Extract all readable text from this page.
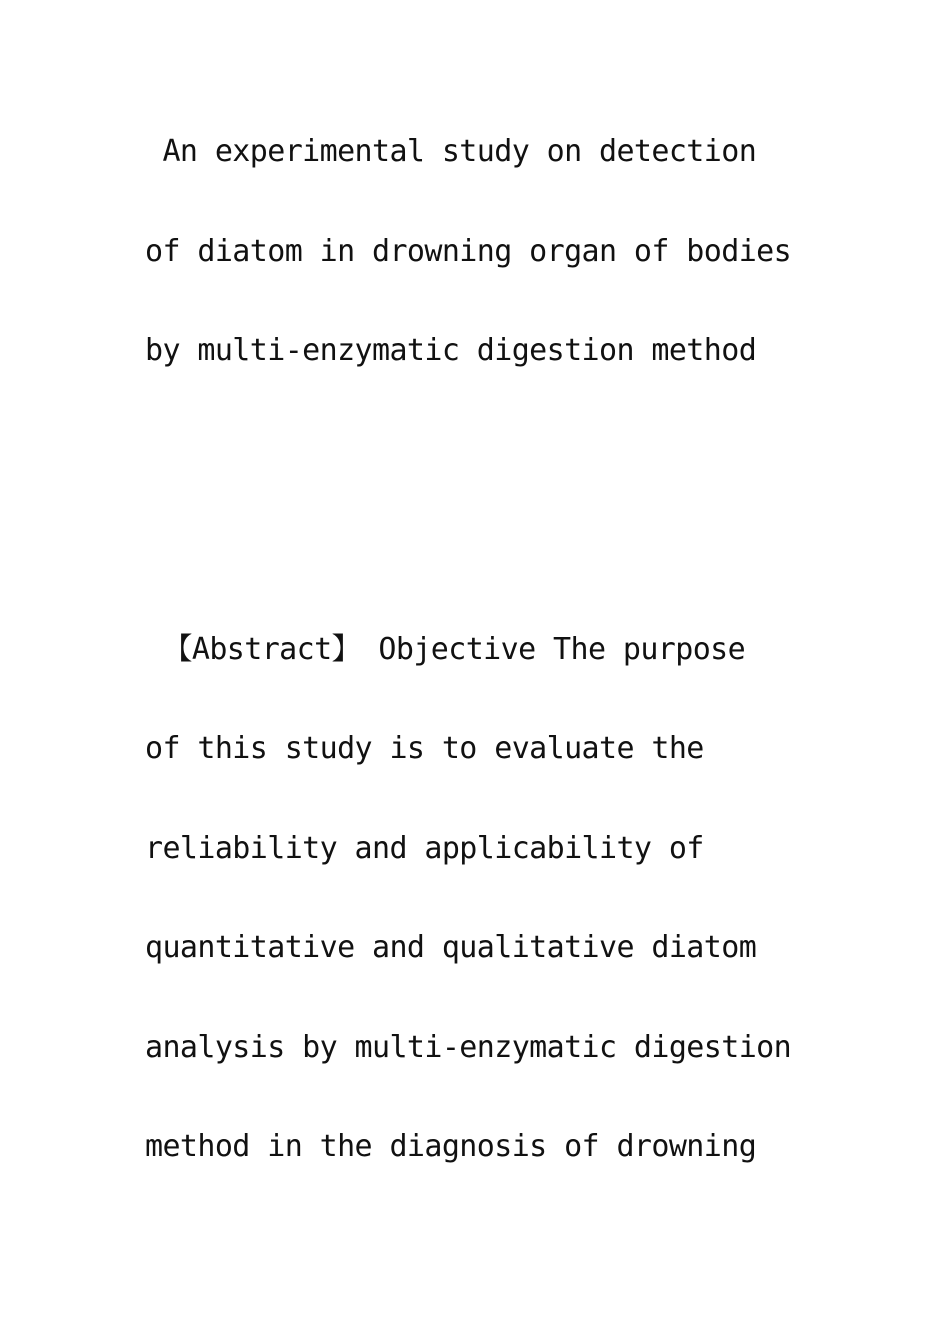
An experimental study on detection

of diatom in drowning organ of bodies

by multi-enzymatic digestion method

【Abstract】 Objective The purpose

of this study is to evaluate the

reliability and applicability of

quantitative and qualitative diatom

analysis by multi-enzymatic digestion

method in the diagnosis of drowning
